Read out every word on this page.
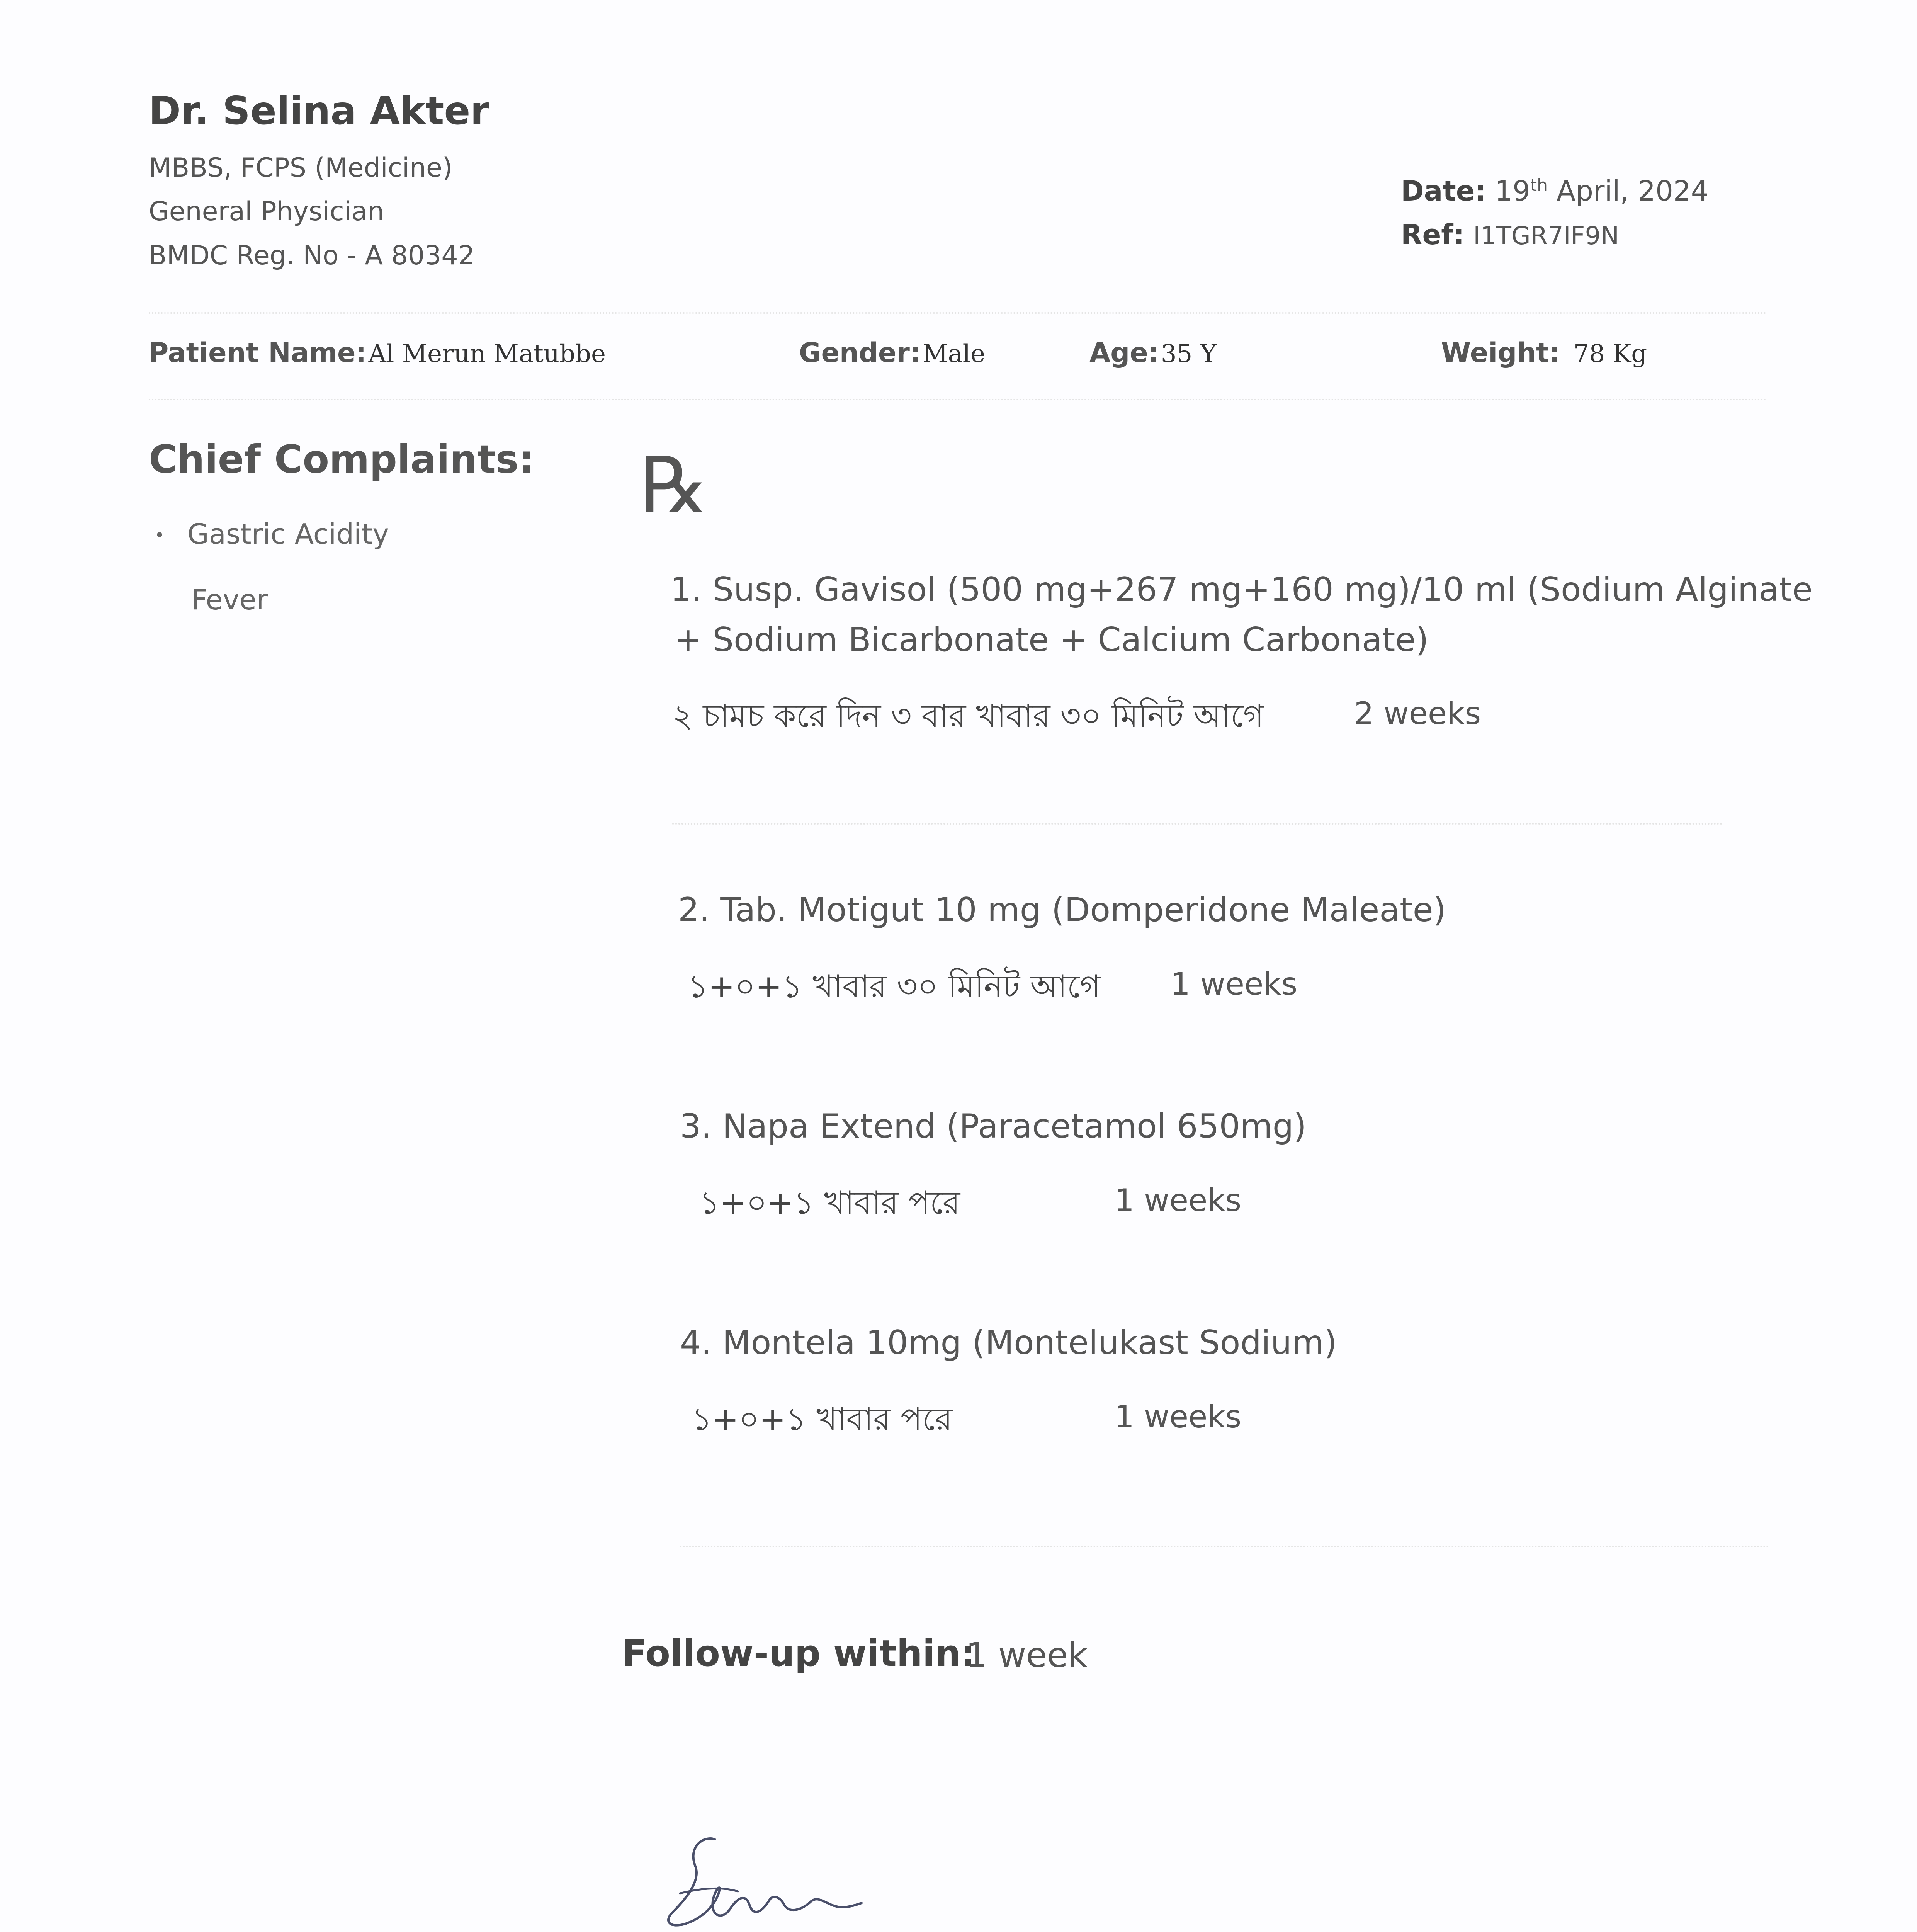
Dr. Selina Akter
MBBS, FCPS (Medicine)
General Physician
BMDC Reg. No - A 80342
Date: 19th April, 2024
Ref: I1TGR7IF9N
Patient Name: Al Merun Matubbe	Gender: Male	Age: 35 Y	Weight: 78 Kg
Chief Complaints:
• Gastric Acidity
Fever
℞
1. Susp. Gavisol (500 mg+267 mg+160 mg)/10 ml (Sodium Alginate
+ Sodium Bicarbonate + Calcium Carbonate)
২ চামচ করে দিন ৩ বার খাবার ৩০ মিনিট আগে	2 weeks
2. Tab. Motigut 10 mg (Domperidone Maleate)
১+০+১ খাবার ৩০ মিনিট আগে 1 weeks
3. Napa Extend (Paracetamol 650mg)
১+০+১ খাবার পরে	1 weeks
4. Montela 10mg (Montelukast Sodium)
১+০+১ খাবার পরে	1 weeks
Follow-up within:
1 week
